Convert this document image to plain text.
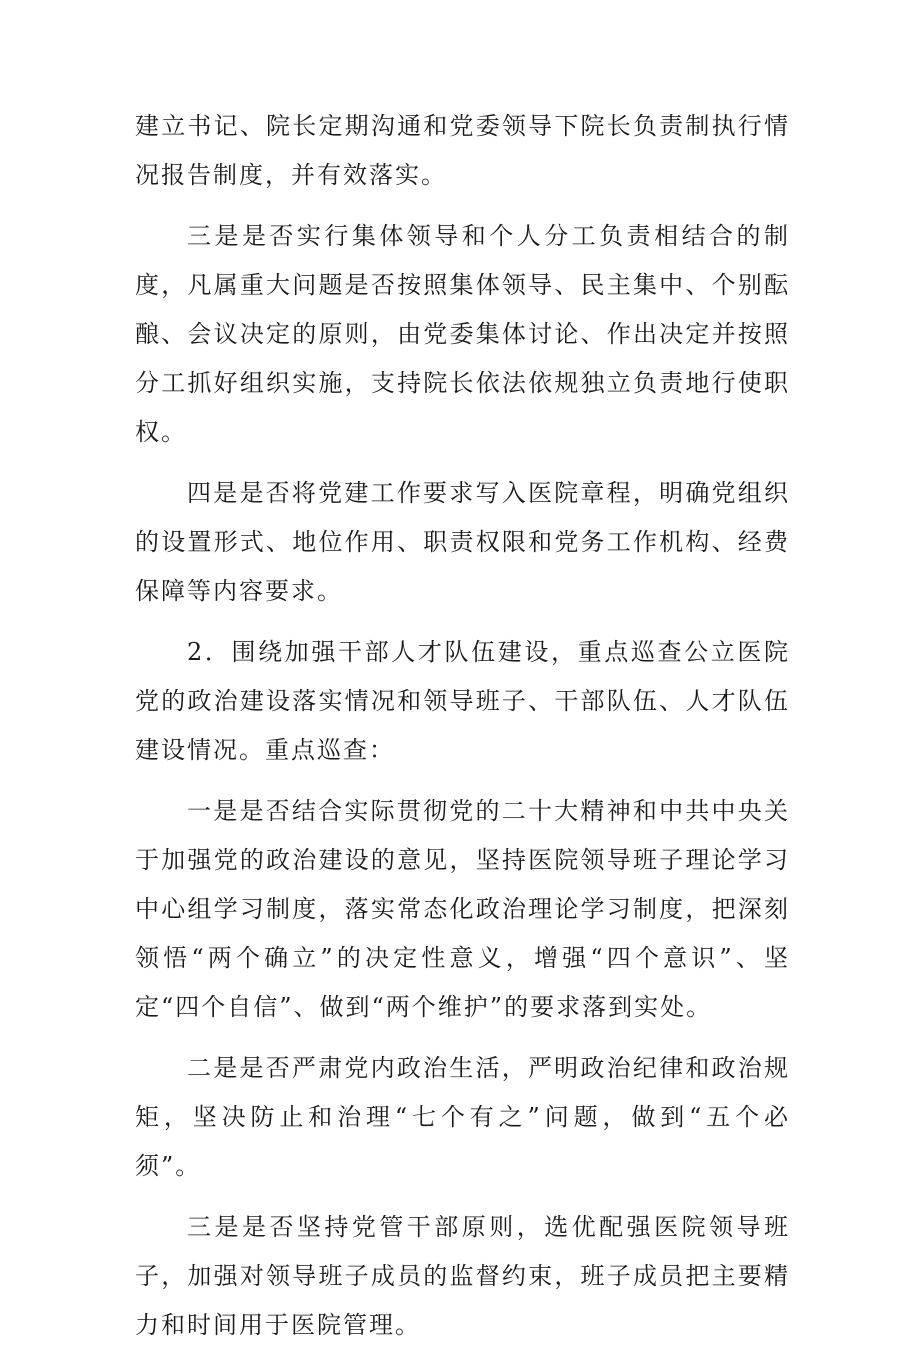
建立书记、院长定期沟通和党委领导下院长负责制执行情况报告制度，并有效落实。

三是是否实行集体领导和个人分工负责相结合的制度，凡属重大问题是否按照集体领导、民主集中、个别酝酿、会议决定的原则，由党委集体讨论、作出决定并按照分工抓好组织实施，支持院长依法依规独立负责地行使职权。

四是是否将党建工作要求写入医院章程，明确党组织的设置形式、地位作用、职责权限和党务工作机构、经费保障等内容要求。

2．围绕加强干部人才队伍建设，重点巡查公立医院党的政治建设落实情况和领导班子、干部队伍、人才队伍建设情况。重点巡查：

一是是否结合实际贯彻党的二十大精神和中共中央关于加强党的政治建设的意见，坚持医院领导班子理论学习中心组学习制度，落实常态化政治理论学习制度，把深刻领悟“两个确立”的决定性意义，增强“四个意识”、坚定“四个自信”、做到“两个维护”的要求落到实处。

二是是否严肃党内政治生活，严明政治纪律和政治规矩，坚决防止和治理“七个有之”问题，做到“五个必须”。

三是是否坚持党管干部原则，选优配强医院领导班子，加强对领导班子成员的监督约束，班子成员把主要精力和时间用于医院管理。
